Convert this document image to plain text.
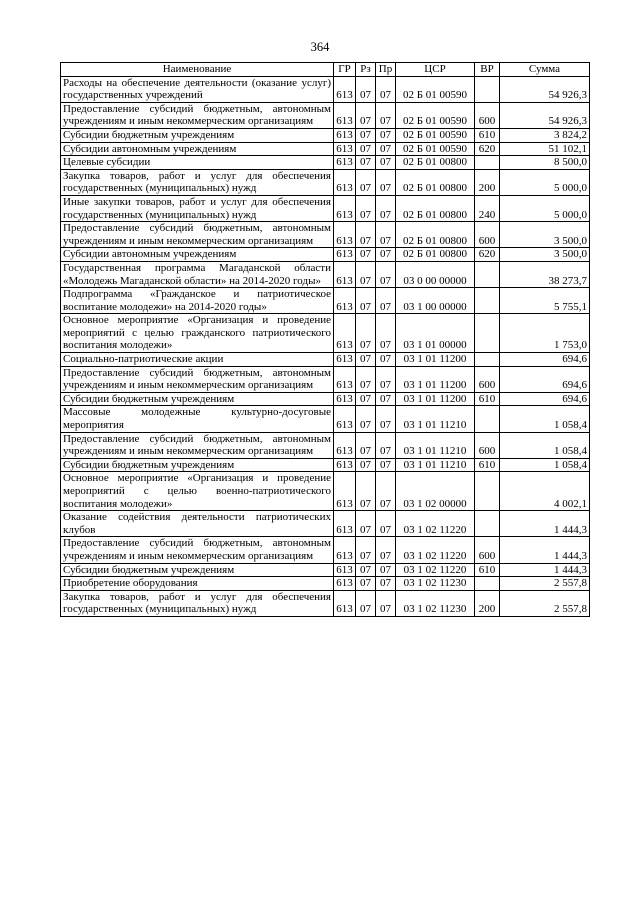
364
Наименование	ГР	Рз	Пр	ЦСР	ВР	Сумма
Расходы на обеспечение деятельности (оказание услуг) государственных учреждений	613	07	07	02 Б 01 00590		54 926,3
Предоставление субсидий бюджетным, автономным учреждениям и иным некоммерческим организациям	613	07	07	02 Б 01 00590	600	54 926,3
Субсидии бюджетным учреждениям	613	07	07	02 Б 01 00590	610	3 824,2
Субсидии автономным учреждениям	613	07	07	02 Б 01 00590	620	51 102,1
Целевые субсидии	613	07	07	02 Б 01 00800		8 500,0
Закупка товаров, работ и услуг для обеспечения государственных (муниципальных) нужд	613	07	07	02 Б 01 00800	200	5 000,0
Иные закупки товаров, работ и услуг для обеспечения государственных (муниципальных) нужд	613	07	07	02 Б 01 00800	240	5 000,0
Предоставление субсидий бюджетным, автономным учреждениям и иным некоммерческим организациям	613	07	07	02 Б 01 00800	600	3 500,0
Субсидии автономным учреждениям	613	07	07	02 Б 01 00800	620	3 500,0
Государственная программа Магаданской области «Молодежь Магаданской области» на 2014-2020 годы»	613	07	07	03 0 00 00000		38 273,7
Подпрограмма «Гражданское и патриотическое воспитание молодежи» на 2014-2020 годы»	613	07	07	03 1 00 00000		5 755,1
Основное мероприятие «Организация и проведение мероприятий с целью гражданского патриотического воспитания молодежи»	613	07	07	03 1 01 00000		1 753,0
Социально-патриотические акции	613	07	07	03 1 01 11200		694,6
Предоставление субсидий бюджетным, автономным учреждениям и иным некоммерческим организациям	613	07	07	03 1 01 11200	600	694,6
Субсидии бюджетным учреждениям	613	07	07	03 1 01 11200	610	694,6
Массовые молодежные культурно-досуговые мероприятия	613	07	07	03 1 01 11210		1 058,4
Предоставление субсидий бюджетным, автономным учреждениям и иным некоммерческим организациям	613	07	07	03 1 01 11210	600	1 058,4
Субсидии бюджетным учреждениям	613	07	07	03 1 01 11210	610	1 058,4
Основное мероприятие «Организация и проведение мероприятий с целью военно-патриотического воспитания молодежи»	613	07	07	03 1 02 00000		4 002,1
Оказание содействия деятельности патриотических клубов	613	07	07	03 1 02 11220		1 444,3
Предоставление субсидий бюджетным, автономным учреждениям и иным некоммерческим организациям	613	07	07	03 1 02 11220	600	1 444,3
Субсидии бюджетным учреждениям	613	07	07	03 1 02 11220	610	1 444,3
Приобретение оборудования	613	07	07	03 1 02 11230		2 557,8
Закупка товаров, работ и услуг для обеспечения государственных (муниципальных) нужд	613	07	07	03 1 02 11230	200	2 557,8
